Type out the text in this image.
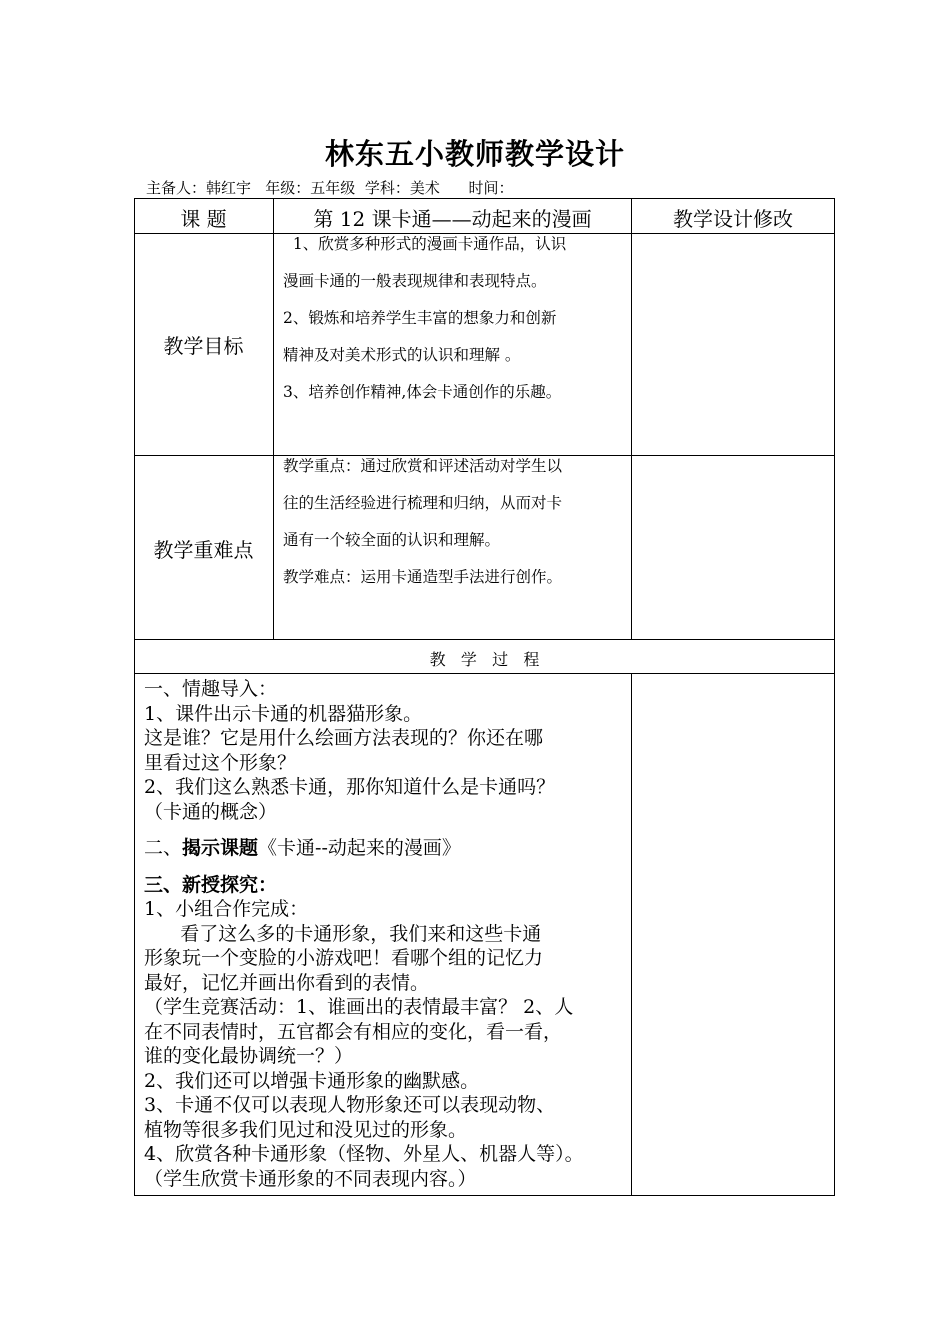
林东五小教师教学设计
主备人：韩红宇   年级：五年级  学科：美术      时间：
课 题	第 12 课卡通——动起来的漫画	教学设计修改
教学目标

1、欣赏多种形式的漫画卡通作品，认识

漫画卡通的一般表现规律和表现特点。

2、锻炼和培养学生丰富的想象力和创新

精神及对美术形式的认识和理解 。

3、培养创作精神,体会卡通创作的乐趣。

教学重难点

教学重点：通过欣赏和评述活动对学生以

往的生活经验进行梳理和归纳，从而对卡

通有一个较全面的认识和理解。

教学难点：运用卡通造型手法进行创作。

教   学   过   程

一、情趣导入：

1、课件出示卡通的机器猫形象。

这是谁？它是用什么绘画方法表现的？你还在哪

里看过这个形象？

2、我们这么熟悉卡通，那你知道什么是卡通吗？

（卡通的概念）

二、揭示课题《卡通--动起来的漫画》

三、新授探究：

1、小组合作完成：

看了这么多的卡通形象，我们来和这些卡通

形象玩一个变脸的小游戏吧！看哪个组的记忆力

最好，记忆并画出你看到的表情。

（学生竞赛活动：1、谁画出的表情最丰富？ 2、人

在不同表情时，五官都会有相应的变化，看一看，

谁的变化最协调统一？）

2、我们还可以增强卡通形象的幽默感。

3、卡通不仅可以表现人物形象还可以表现动物、

植物等很多我们见过和没见过的形象。

4、欣赏各种卡通形象（怪物、外星人、机器人等）。

（学生欣赏卡通形象的不同表现内容。）
